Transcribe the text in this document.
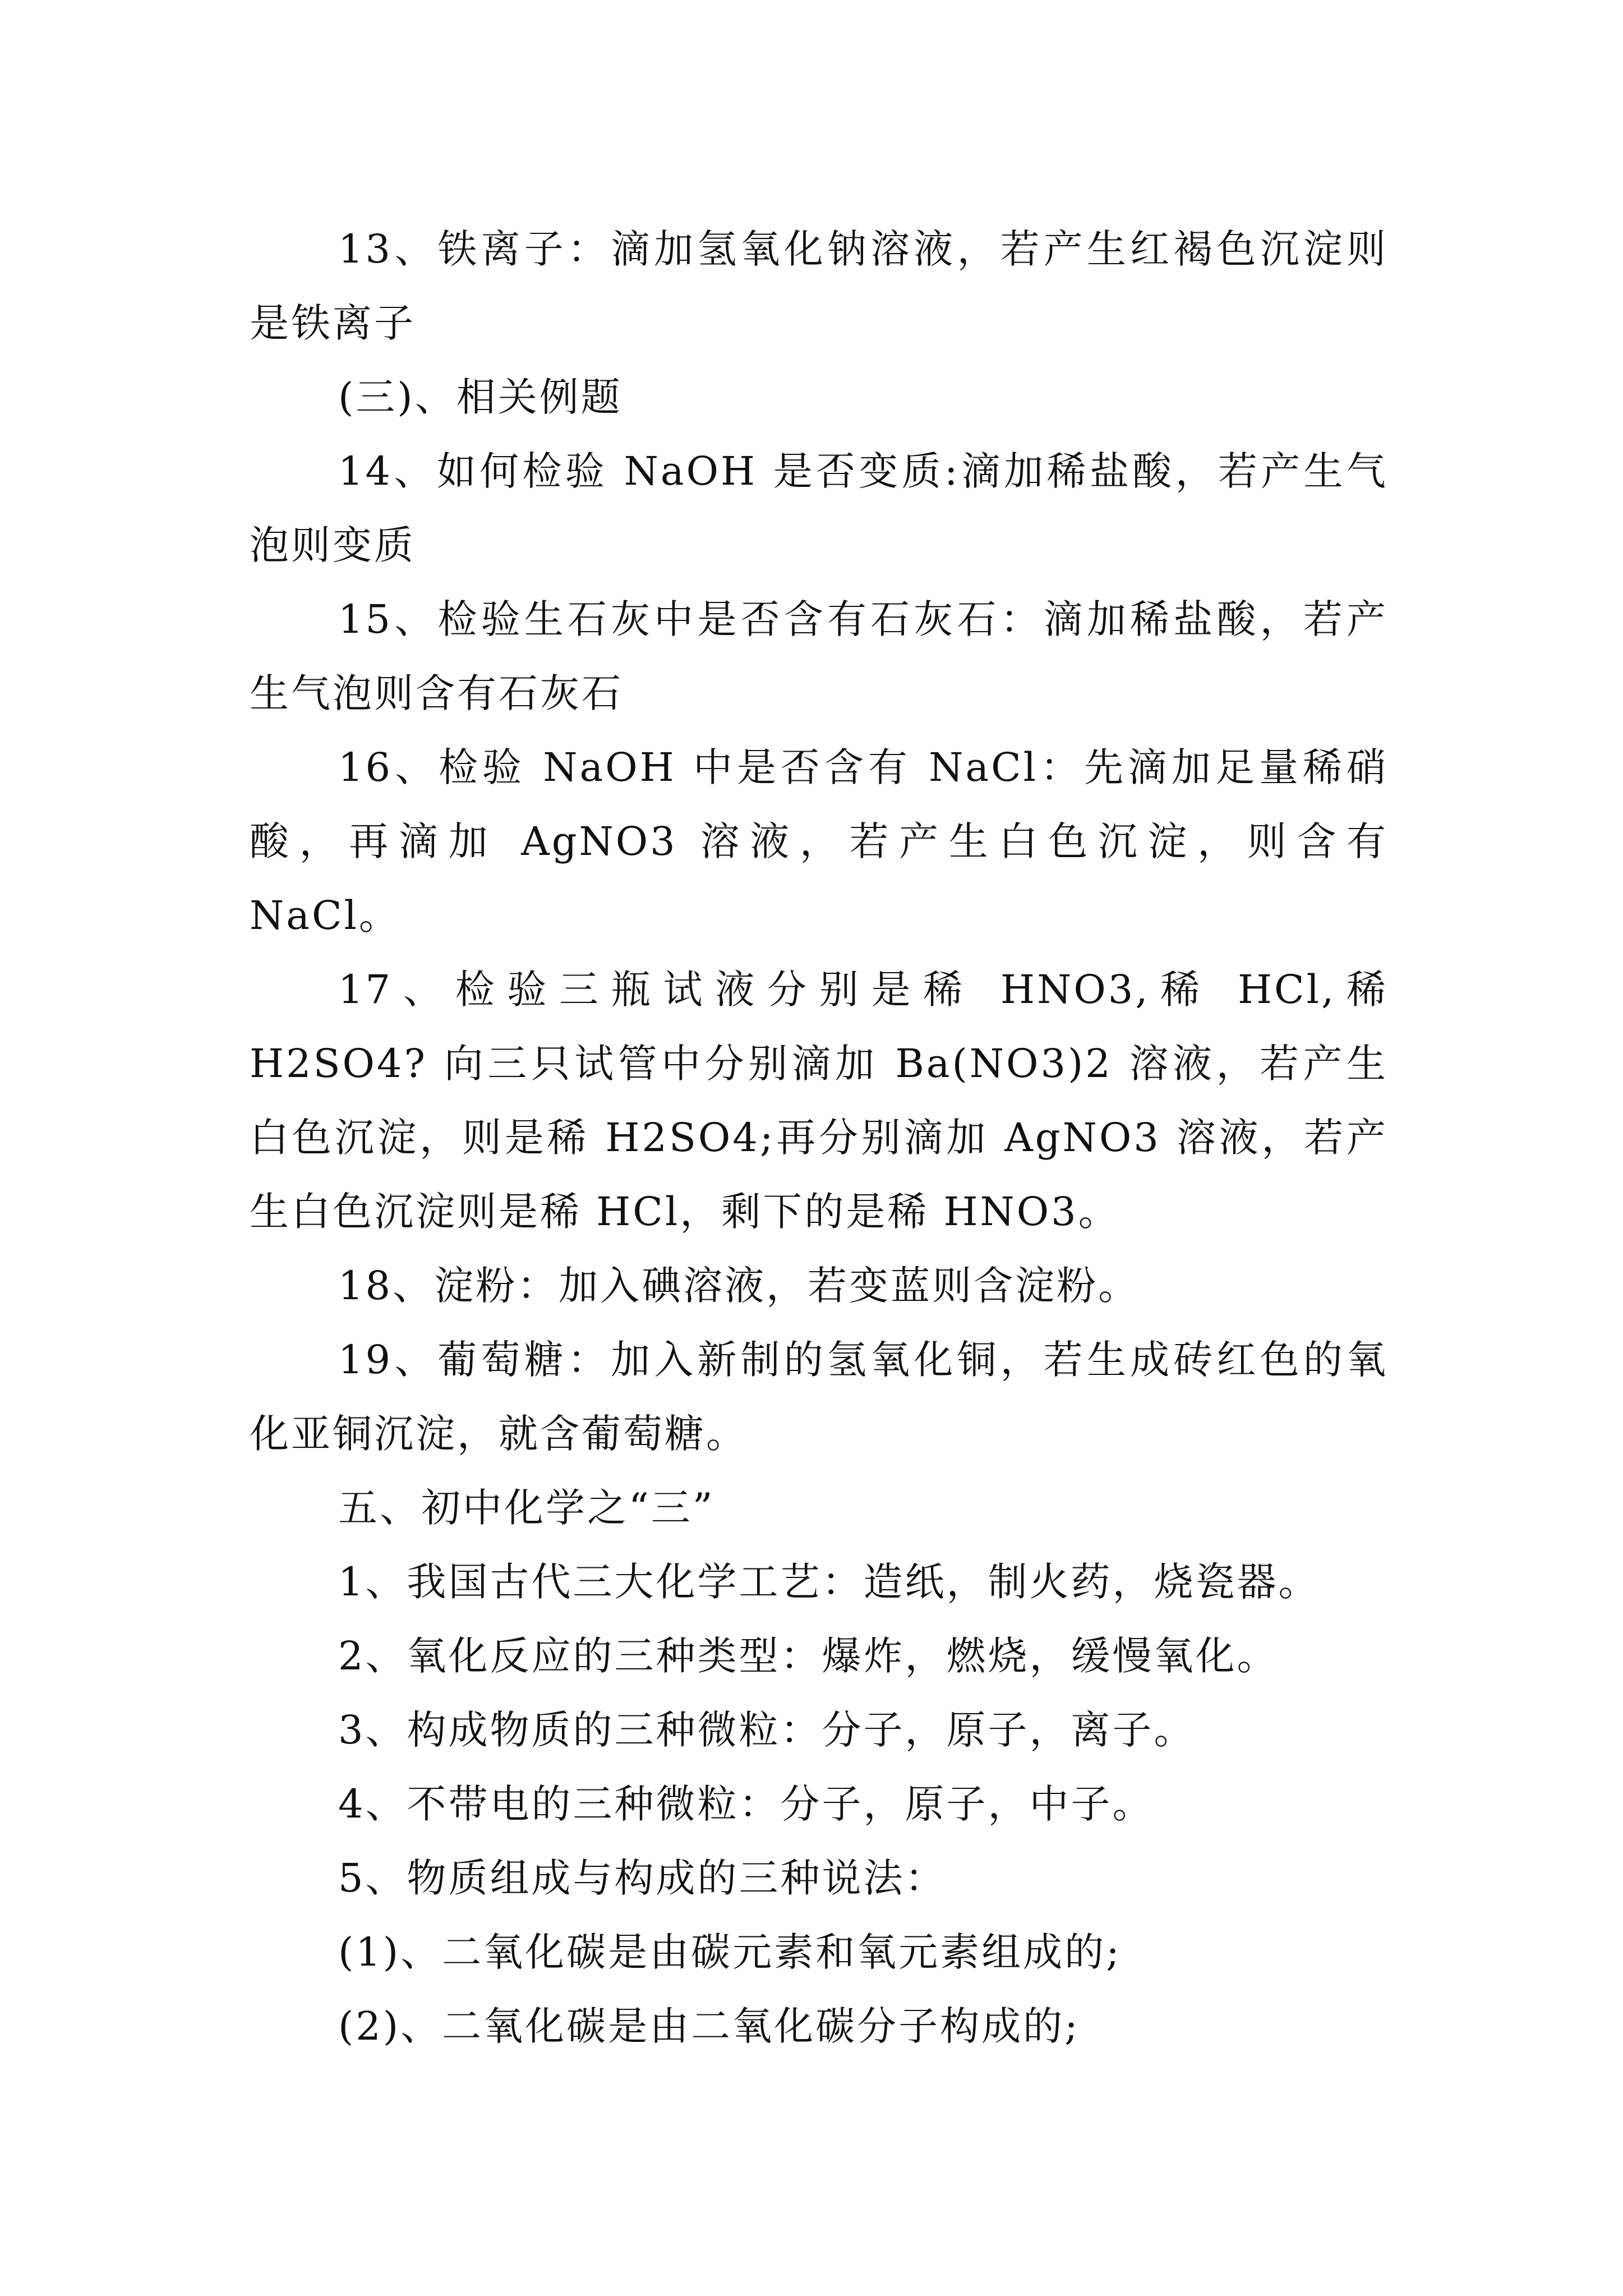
13、铁离子：滴加氢氧化钠溶液，若产生红褐色沉淀则是铁离子

(三)、相关例题

14、如何检验 NaOH 是否变质:滴加稀盐酸，若产生气泡则变质

15、检验生石灰中是否含有石灰石：滴加稀盐酸，若产生气泡则含有石灰石

16、检验 NaOH 中是否含有 NaCl：先滴加足量稀硝酸，再滴加 AgNO3 溶液，若产生白色沉淀，则含有 NaCl。

17、检验三瓶试液分别是稀 HNO3,稀 HCl,稀 H2SO4? 向三只试管中分别滴加 Ba(NO3)2 溶液，若产生白色沉淀，则是稀 H2SO4;再分别滴加 AgNO3 溶液，若产生白色沉淀则是稀 HCl，剩下的是稀 HNO3。

18、淀粉：加入碘溶液，若变蓝则含淀粉。

19、葡萄糖：加入新制的氢氧化铜，若生成砖红色的氧化亚铜沉淀，就含葡萄糖。

五、初中化学之“三”

1、我国古代三大化学工艺：造纸，制火药，烧瓷器。

2、氧化反应的三种类型：爆炸，燃烧，缓慢氧化。

3、构成物质的三种微粒：分子，原子，离子。

4、不带电的三种微粒：分子，原子，中子。

5、物质组成与构成的三种说法：

(1)、二氧化碳是由碳元素和氧元素组成的;

(2)、二氧化碳是由二氧化碳分子构成的;
